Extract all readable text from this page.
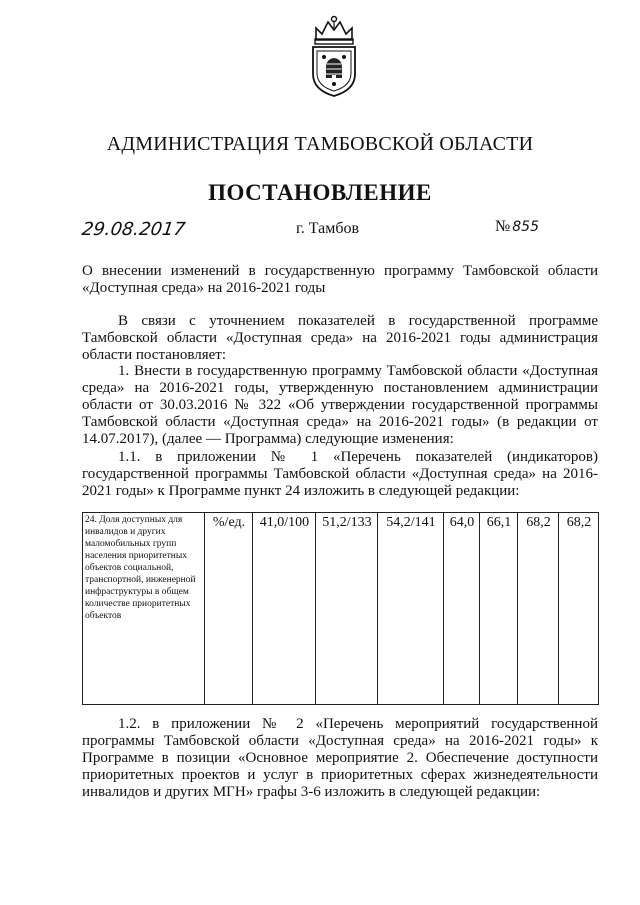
АДМИНИСТРАЦИЯ ТАМБОВСКОЙ ОБЛАСТИ
ПОСТАНОВЛЕНИЕ
29.08.2017	г. Тамбов	№ 855
О внесении изменений в государственную программу Тамбовской области «Доступная среда» на 2016-2021 годы
В связи с уточнением показателей в государственной программе Тамбовской области «Доступная среда» на 2016-2021 годы администрация области постановляет:
1. Внести в государственную программу Тамбовской области «Доступная среда» на 2016-2021 годы, утвержденную постановлением администрации области от 30.03.2016 № 322 «Об утверждении государственной программы Тамбовской области «Доступная среда» на 2016-2021 годы» (в редакции от 14.07.2017), (далее — Программа) следующие изменения:
1.1. в приложении № 1 «Перечень показателей (индикаторов) государственной программы Тамбовской области «Доступная среда» на 2016-2021 годы» к Программе пункт 24 изложить в следующей редакции:
24. Доля доступных для инвалидов и других маломобильных групп населения приоритетных объектов социальной, транспортной, инженерной инфраструктуры в общем количестве приоритетных объектов	%/ед.	41,0/100	51,2/133	54,2/141	64,0	66,1	68,2	68,2
1.2. в приложении № 2 «Перечень мероприятий государственной программы Тамбовской области «Доступная среда» на 2016-2021 годы» к Программе в позиции «Основное мероприятие 2. Обеспечение доступности приоритетных проектов и услуг в приоритетных сферах жизнедеятельности инвалидов и других МГН» графы 3-6 изложить в следующей редакции:
